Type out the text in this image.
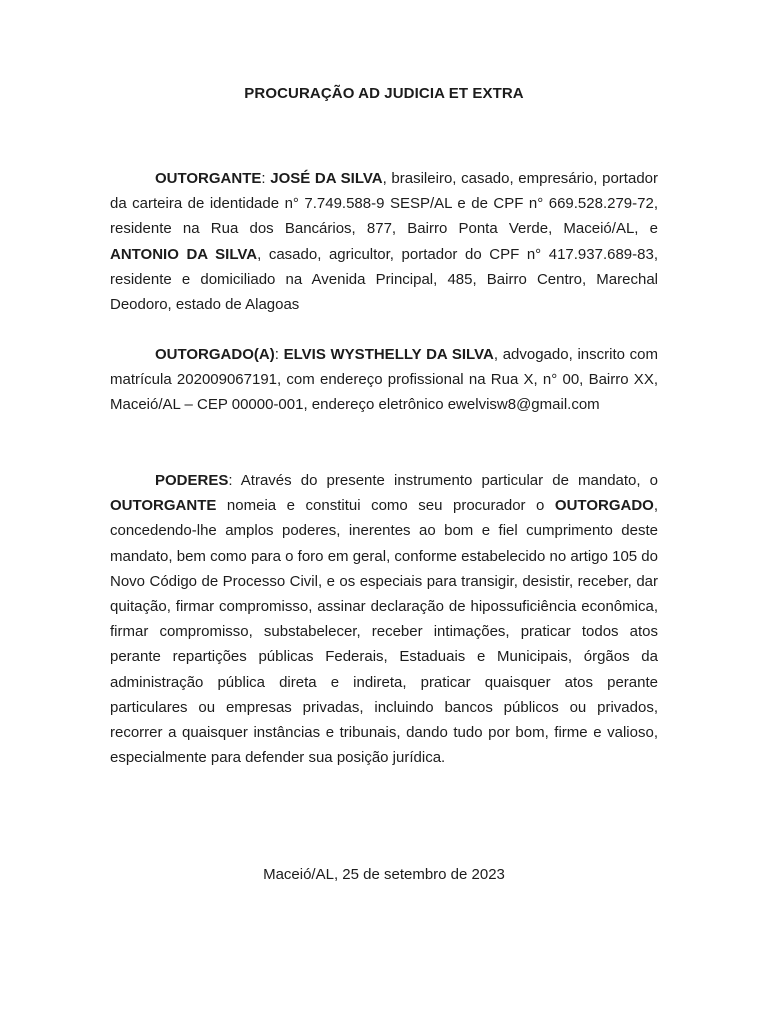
PROCURAÇÃO AD JUDICIA ET EXTRA

OUTORGANTE: JOSÉ DA SILVA, brasileiro, casado, empresário, portador da carteira de identidade n° 7.749.588-9 SESP/AL e de CPF n° 669.528.279-72, residente na Rua dos Bancários, 877, Bairro Ponta Verde, Maceió/AL, e ANTONIO DA SILVA, casado, agricultor, portador do CPF n° 417.937.689-83, residente e domiciliado na Avenida Principal, 485, Bairro Centro, Marechal Deodoro, estado de Alagoas

OUTORGADO(A): ELVIS WYSTHELLY DA SILVA, advogado, inscrito com matrícula 202009067191, com endereço profissional na Rua X, n° 00, Bairro XX, Maceió/AL – CEP 00000-001, endereço eletrônico ewelvisw8@gmail.com

PODERES: Através do presente instrumento particular de mandato, o OUTORGANTE nomeia e constitui como seu procurador o OUTORGADO, concedendo-lhe amplos poderes, inerentes ao bom e fiel cumprimento deste mandato, bem como para o foro em geral, conforme estabelecido no artigo 105 do Novo Código de Processo Civil, e os especiais para transigir, desistir, receber, dar quitação, firmar compromisso, assinar declaração de hipossuficiência econômica, firmar compromisso, substabelecer, receber intimações, praticar todos atos perante repartições públicas Federais, Estaduais e Municipais, órgãos da administração pública direta e indireta, praticar quaisquer atos perante particulares ou empresas privadas, incluindo bancos públicos ou privados, recorrer a quaisquer instâncias e tribunais, dando tudo por bom, firme e valioso, especialmente para defender sua posição jurídica.

Maceió/AL, 25 de setembro de 2023
